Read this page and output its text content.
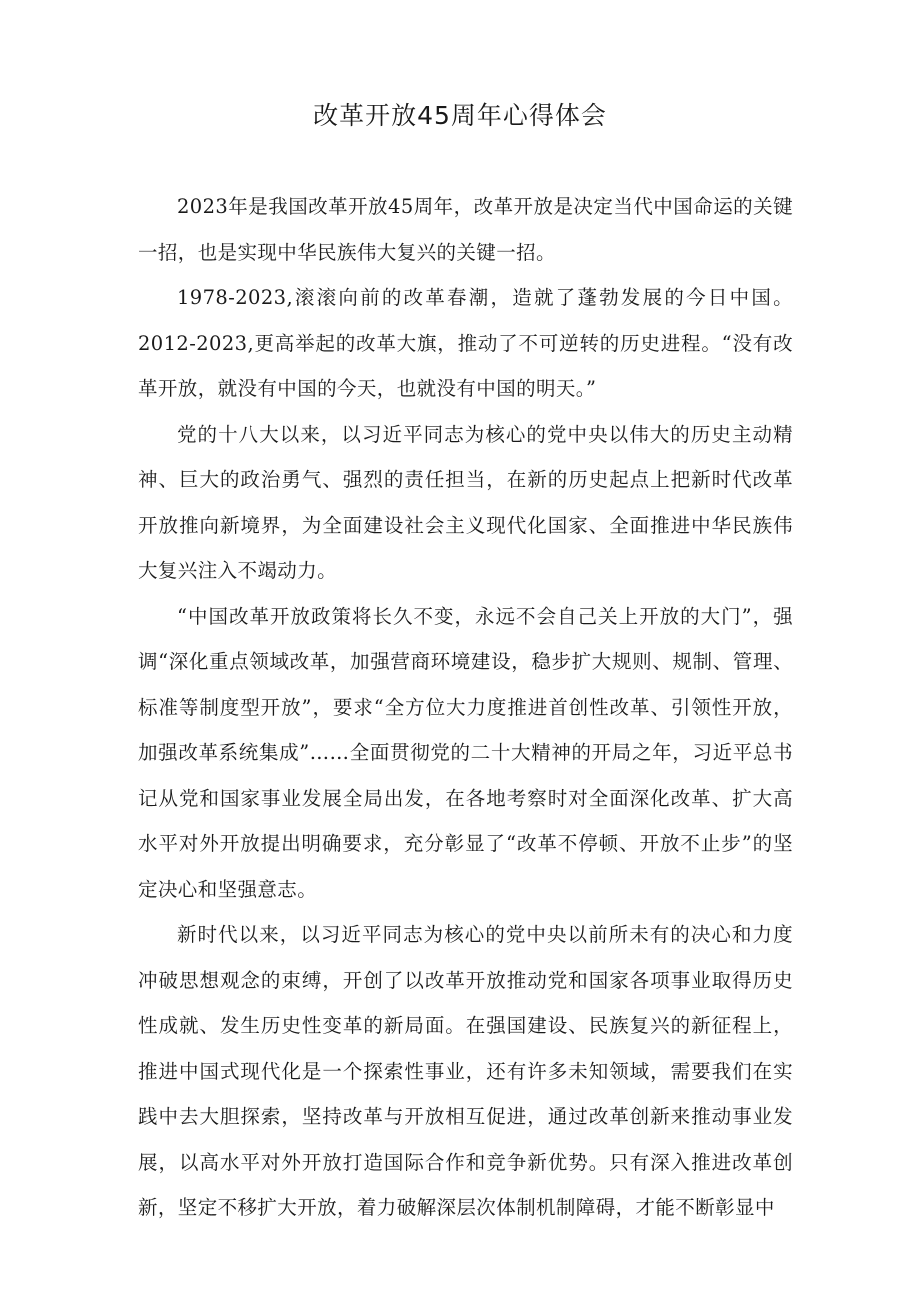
改革开放45周年心得体会

2023年是我国改革开放45周年，改革开放是决定当代中国命运的关键一招，也是实现中华民族伟大复兴的关键一招。

1978-2023,滚滚向前的改革春潮，造就了蓬勃发展的今日中国。2012-2023,更高举起的改革大旗，推动了不可逆转的历史进程。“没有改革开放，就没有中国的今天，也就没有中国的明天。”

党的十八大以来，以习近平同志为核心的党中央以伟大的历史主动精神、巨大的政治勇气、强烈的责任担当，在新的历史起点上把新时代改革开放推向新境界，为全面建设社会主义现代化国家、全面推进中华民族伟大复兴注入不竭动力。

“中国改革开放政策将长久不变，永远不会自己关上开放的大门”，强调“深化重点领域改革，加强营商环境建设，稳步扩大规则、规制、管理、标准等制度型开放”，要求“全方位大力度推进首创性改革、引领性开放，加强改革系统集成”……全面贯彻党的二十大精神的开局之年，习近平总书记从党和国家事业发展全局出发，在各地考察时对全面深化改革、扩大高水平对外开放提出明确要求，充分彰显了“改革不停顿、开放不止步”的坚定决心和坚强意志。

新时代以来，以习近平同志为核心的党中央以前所未有的决心和力度冲破思想观念的束缚，开创了以改革开放推动党和国家各项事业取得历史性成就、发生历史性变革的新局面。在强国建设、民族复兴的新征程上，推进中国式现代化是一个探索性事业，还有许多未知领域，需要我们在实践中去大胆探索，坚持改革与开放相互促进，通过改革创新来推动事业发展，以高水平对外开放打造国际合作和竞争新优势。只有深入推进改革创新，坚定不移扩大开放，着力破解深层次体制机制障碍，才能不断彰显中
